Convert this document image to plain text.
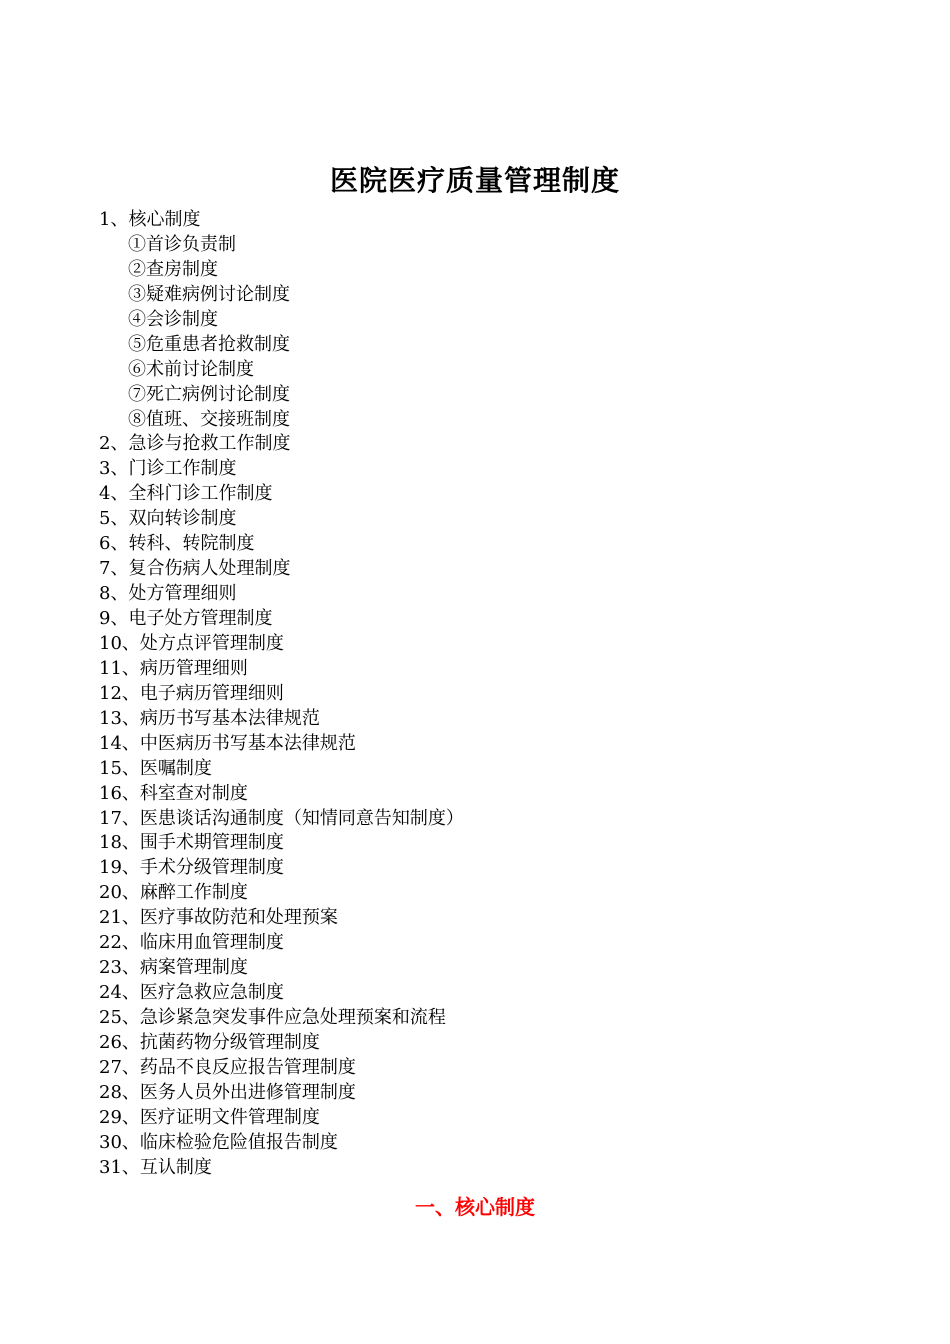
医院医疗质量管理制度
1、核心制度
①首诊负责制
②查房制度
③疑难病例讨论制度
④会诊制度
⑤危重患者抢救制度
⑥术前讨论制度
⑦死亡病例讨论制度
⑧值班、交接班制度
2、急诊与抢救工作制度
3、门诊工作制度
4、全科门诊工作制度
5、双向转诊制度
6、转科、转院制度
7、复合伤病人处理制度
8、处方管理细则
9、电子处方管理制度
10、处方点评管理制度
11、病历管理细则
12、电子病历管理细则
13、病历书写基本法律规范
14、中医病历书写基本法律规范
15、医嘱制度
16、科室查对制度
17、医患谈话沟通制度（知情同意告知制度）
18、围手术期管理制度
19、手术分级管理制度
20、麻醉工作制度
21、医疗事故防范和处理预案
22、临床用血管理制度
23、病案管理制度
24、医疗急救应急制度
25、急诊紧急突发事件应急处理预案和流程
26、抗菌药物分级管理制度
27、药品不良反应报告管理制度
28、医务人员外出进修管理制度
29、医疗证明文件管理制度
30、临床检验危险值报告制度
31、互认制度
一、核心制度
